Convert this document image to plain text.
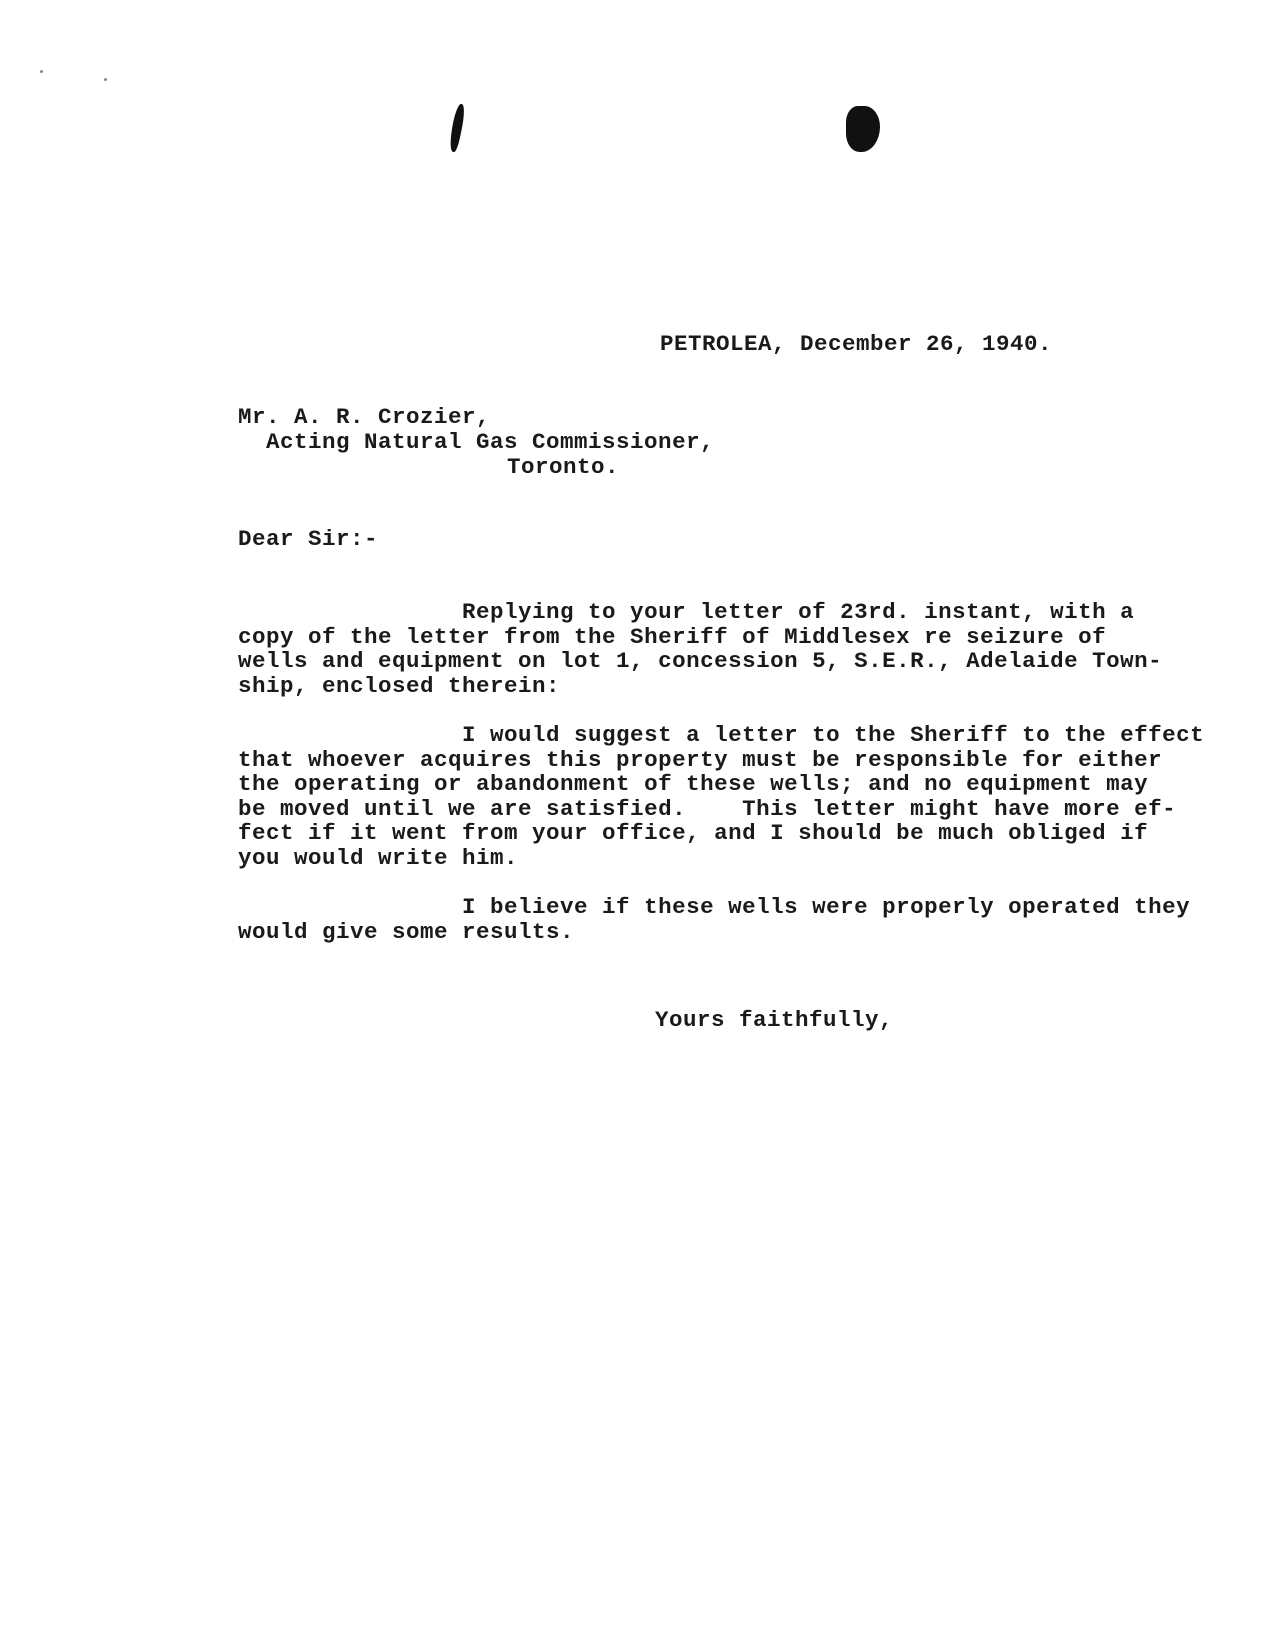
PETROLEA, December 26, 1940.
Mr. A. R. Crozier,
Acting Natural Gas Commissioner,
Toronto.
Dear Sir:-
Replying to your letter of 23rd. instant, with a
copy of the letter from the Sheriff of Middlesex re seizure of
wells and equipment on lot 1, concession 5, S.E.R., Adelaide Town-
ship, enclosed therein:
I would suggest a letter to the Sheriff to the effect
that whoever acquires this property must be responsible for either
the operating or abandonment of these wells; and no equipment may
be moved until we are satisfied.    This letter might have more ef-
fect if it went from your office, and I should be much obliged if
you would write him.
I believe if these wells were properly operated they
would give some results.
Yours faithfully,
